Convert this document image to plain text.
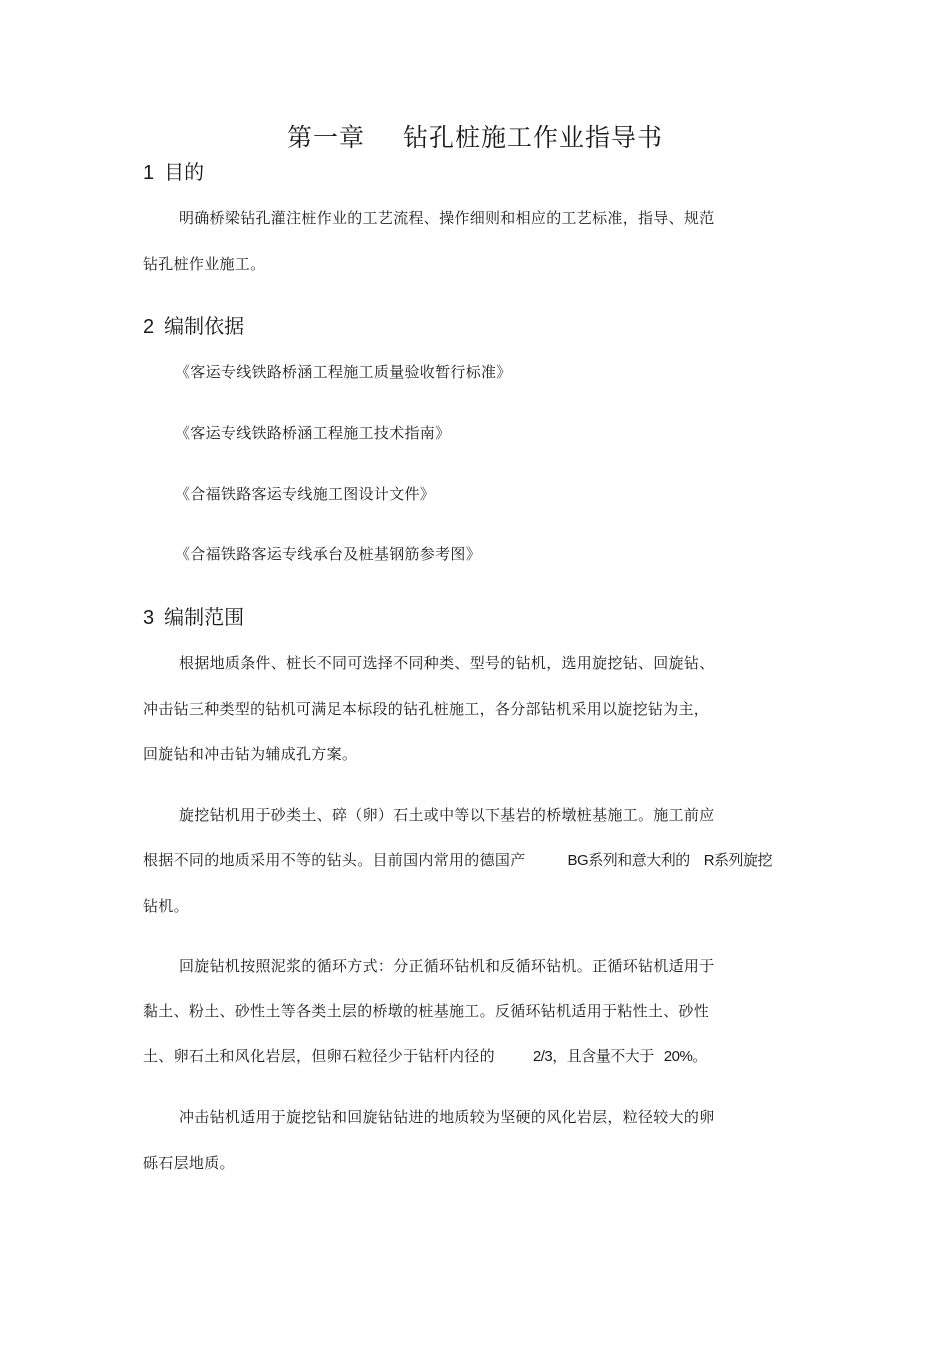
第一章 钻孔桩施工作业指导书
1 目的
明确桥梁钻孔灌注桩作业的工艺流程、操作细则和相应的工艺标准，指导、规范
钻孔桩作业施工。
2 编制依据
《客运专线铁路桥涵工程施工质量验收暂行标准》
《客运专线铁路桥涵工程施工技术指南》
《合福铁路客运专线施工图设计文件》
《合福铁路客运专线承台及桩基钢筋参考图》
3 编制范围
根据地质条件、桩长不同可选择不同种类、型号的钻机，选用旋挖钻、回旋钻、
冲击钻三种类型的钻机可满足本标段的钻孔桩施工，各分部钻机采用以旋挖钻为主，
回旋钻和冲击钻为辅成孔方案。
旋挖钻机用于砂类土、碎（卵）石土或中等以下基岩的桥墩桩基施工。施工前应
根据不同的地质采用不等的钻头。目前国内常用的德国产	BG系列和意大利的 R系列旋挖
钻机。
回旋钻机按照泥浆的循环方式：分正循环钻机和反循环钻机。正循环钻机适用于
黏土、粉土、砂性土等各类土层的桥墩的桩基施工。反循环钻机适用于粘性土、砂性
土、卵石土和风化岩层，但卵石粒径少于钻杆内径的	2/3，且含量不大于 20%。
冲击钻机适用于旋挖钻和回旋钻钻进的地质较为坚硬的风化岩层，粒径较大的卵
砾石层地质。
